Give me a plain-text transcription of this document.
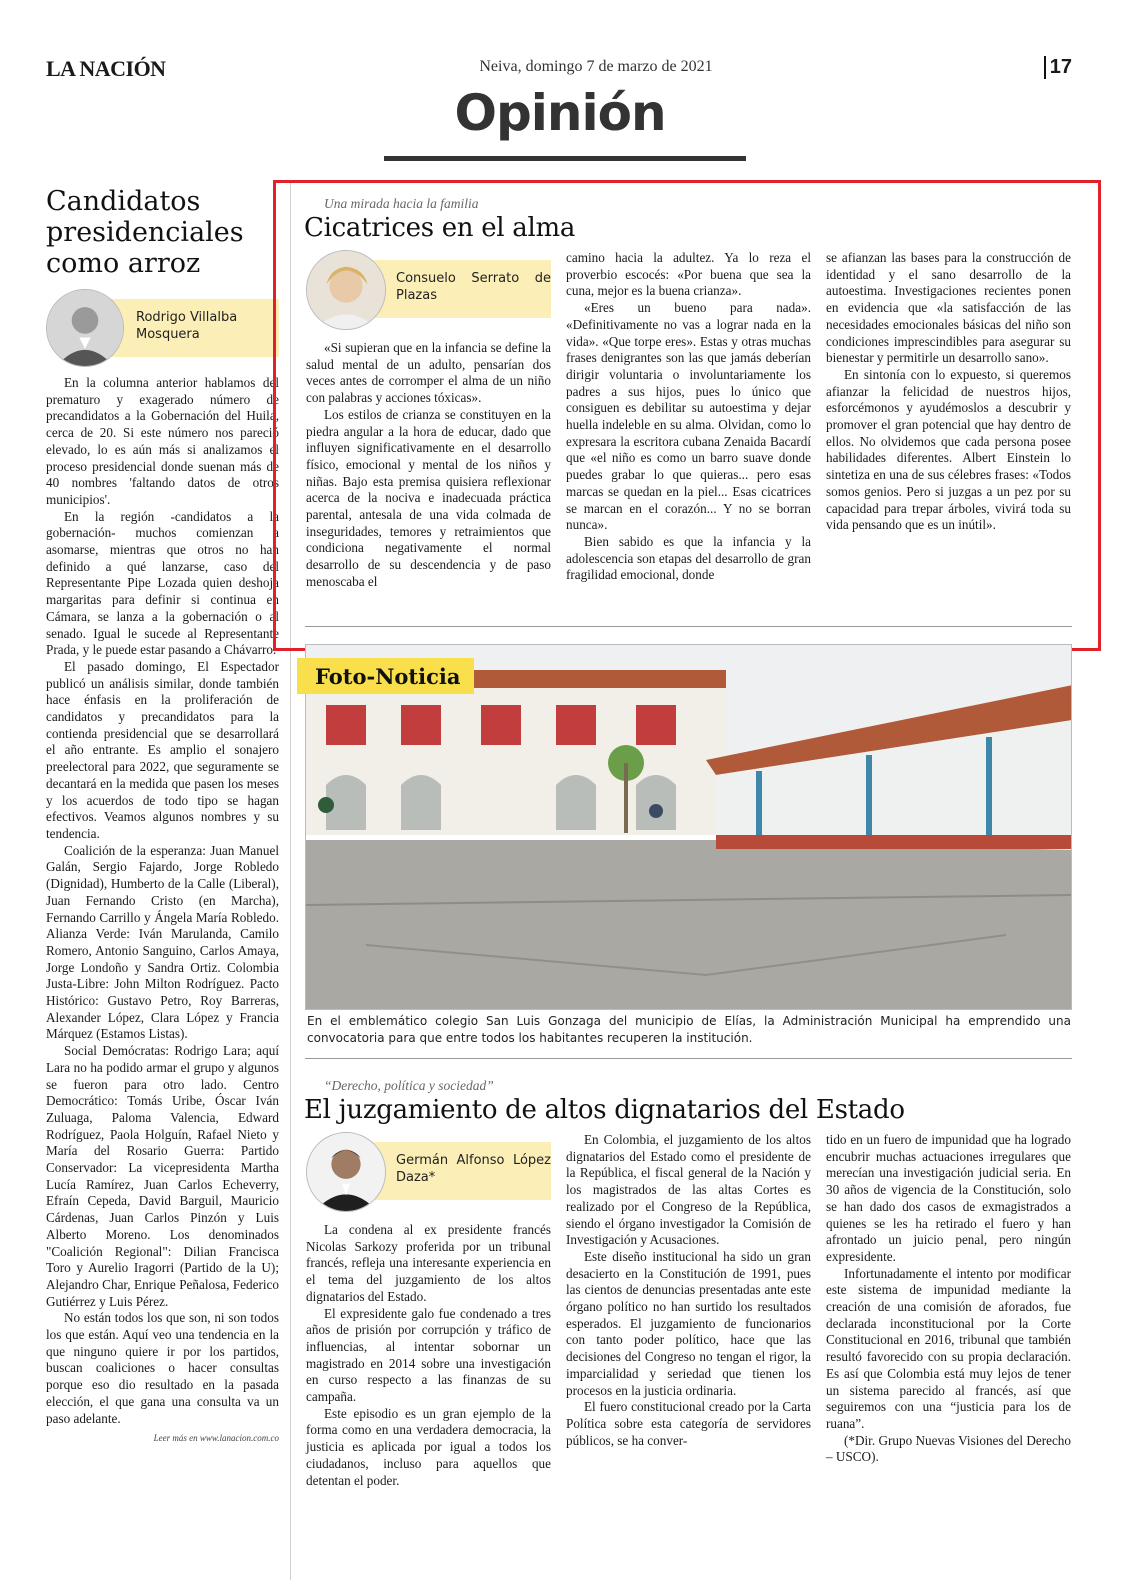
LA NACIÓN	Neiva, domingo 7 de marzo de 2021	17
Opinión
Candidatos presidenciales como arroz
Rodrigo Villalba Mosquera

En la columna anterior hablamos del prematuro y exagerado número de precandidatos a la Gobernación del Huila, cerca de 20. Si este número nos pareció elevado, lo es aún más si analizamos el proceso presidencial donde suenan más de 40 nombres 'faltando datos de otros municipios'.

En la región -candidatos a la gobernación- muchos comienzan a asomarse, mientras que otros no han definido a qué lanzarse, caso del Representante Pipe Lozada quien deshoja margaritas para definir si continua en Cámara, se lanza a la gobernación o al senado. Igual le sucede al Representante Prada, y le puede estar pasando a Chávarro.

El pasado domingo, El Espectador publicó un análisis similar, donde también hace énfasis en la proliferación de candidatos y precandidatos para la contienda presidencial que se desarrollará el año entrante. Es amplio el sonajero preelectoral para 2022, que seguramente se decantará en la medida que pasen los meses y los acuerdos de todo tipo se hagan efectivos. Veamos algunos nombres y su tendencia.

Coalición de la esperanza: Juan Manuel Galán, Sergio Fajardo, Jorge Robledo (Dignidad), Humberto de la Calle (Liberal), Juan Fernando Cristo (en Marcha), Fernando Carrillo y Ángela María Robledo. Alianza Verde: Iván Marulanda, Camilo Romero, Antonio Sanguino, Carlos Amaya, Jorge Londoño y Sandra Ortiz. Colombia Justa-Libre: John Milton Rodríguez. Pacto Histórico: Gustavo Petro, Roy Barreras, Alexander López, Clara López y Francia Márquez (Estamos Listas).

Social Demócratas: Rodrigo Lara; aquí Lara no ha podido armar el grupo y algunos se fueron para otro lado. Centro Democrático: Tomás Uribe, Óscar Iván Zuluaga, Paloma Valencia, Edward Rodríguez, Paola Holguín, Rafael Nieto y María del Rosario Guerra: Partido Conservador: La vicepresidenta Martha Lucía Ramírez, Juan Carlos Echeverry, Efraín Cepeda, David Barguil, Mauricio Cárdenas, Juan Carlos Pinzón y Luis Alberto Moreno. Los denominados "Coalición Regional": Dilian Francisca Toro y Aurelio Iragorri (Partido de la U); Alejandro Char, Enrique Peñalosa, Federico Gutiérrez y Luis Pérez.

No están todos los que son, ni son todos los que están. Aquí veo una tendencia en la que ninguno quiere ir por los partidos, buscan coaliciones o hacer consultas porque eso dio resultado en la pasada elección, el que gana una consulta va un paso adelante.

Leer más en www.lanacion.com.co
Una mirada hacia la familia
Cicatrices en el alma
Consuelo Serrato de Plazas

«Si supieran que en la infancia se define la salud mental de un adulto, pensarían dos veces antes de corromper el alma de un niño con palabras y acciones tóxicas».

Los estilos de crianza se constituyen en la piedra angular a la hora de educar, dado que influyen significativamente en el desarrollo físico, emocional y mental de los niños y niñas. Bajo esta premisa quisiera reflexionar acerca de la nociva e inadecuada práctica parental, antesala de una vida colmada de inseguridades, temores y retraimientos que condiciona negativamente el normal desarrollo de su descendencia y de paso menoscaba el

camino hacia la adultez. Ya lo reza el proverbio escocés: «Por buena que sea la cuna, mejor es la buena crianza».

«Eres un bueno para nada». «Definitivamente no vas a lograr nada en la vida». «Que torpe eres». Estas y otras muchas frases denigrantes son las que jamás deberían dirigir voluntaria o involuntariamente los padres a sus hijos, pues lo único que consiguen es debilitar su autoestima y dejar huella indeleble en su alma. Olvidan, como lo expresara la escritora cubana Zenaida Bacardí que «el niño es como un barro suave donde puedes grabar lo que quieras... pero esas marcas se quedan en la piel... Esas cicatrices se marcan en el corazón... Y no se borran nunca».

Bien sabido es que la infancia y la adolescencia son etapas del desarrollo de gran fragilidad emocional, donde

se afianzan las bases para la construcción de identidad y el sano desarrollo de la autoestima. Investigaciones recientes ponen en evidencia que «la satisfacción de las necesidades emocionales básicas del niño son condiciones imprescindibles para asegurar su bienestar y permitirle un desarrollo sano».

En sintonía con lo expuesto, si queremos afianzar la felicidad de nuestros hijos, esforcémonos y ayudémoslos a descubrir y promover el gran potencial que hay dentro de ellos. No olvidemos que cada persona posee habilidades diferentes. Albert Einstein lo sintetiza en una de sus célebres frases: «Todos somos genios. Pero si juzgas a un pez por su capacidad para trepar árboles, vivirá toda su vida pensando que es un inútil».

Foto-Noticia
En el emblemático colegio San Luis Gonzaga del municipio de Elías, la Administración Municipal ha emprendido una convocatoria para que entre todos los habitantes recuperen la institución.
“Derecho, política y sociedad”
El juzgamiento de altos dignatarios del Estado
Germán Alfonso López Daza*

La condena al ex presidente francés Nicolas Sarkozy proferida por un tribunal francés, refleja una interesante experiencia en el tema del juzgamiento de los altos dignatarios del Estado.

El expresidente galo fue condenado a tres años de prisión por corrupción y tráfico de influencias, al intentar sobornar un magistrado en 2014 sobre una investigación en curso respecto a las finanzas de su campaña.

Este episodio es un gran ejemplo de la forma como en una verdadera democracia, la justicia es aplicada por igual a todos los ciudadanos, incluso para aquellos que detentan el poder.

En Colombia, el juzgamiento de los altos dignatarios del Estado como el presidente de la República, el fiscal general de la Nación y los magistrados de las altas Cortes es realizado por el Congreso de la República, siendo el órgano investigador la Comisión de Investigación y Acusaciones.

Este diseño institucional ha sido un gran desacierto en la Constitución de 1991, pues las cientos de denuncias presentadas ante este órgano político no han surtido los resultados esperados. El juzgamiento de funcionarios con tanto poder político, hace que las decisiones del Congreso no tengan el rigor, la imparcialidad y seriedad que tienen los procesos en la justicia ordinaria.

El fuero constitucional creado por la Carta Política sobre esta categoría de servidores públicos, se ha conver-

tido en un fuero de impunidad que ha logrado encubrir muchas actuaciones irregulares que merecían una investigación judicial seria. En 30 años de vigencia de la Constitución, solo se han dado dos casos de exmagistrados a quienes se les ha retirado el fuero y han afrontado un juicio penal, pero ningún expresidente.

Infortunadamente el intento por modificar este sistema de impunidad mediante la creación de una comisión de aforados, fue declarada inconstitucional por la Corte Constitucional en 2016, tribunal que también resultó favorecido con su propia declaración. Es así que Colombia está muy lejos de tener un sistema parecido al francés, así que seguiremos con una “justicia para los de ruana”.

(*Dir. Grupo Nuevas Visiones del Derecho – USCO).
